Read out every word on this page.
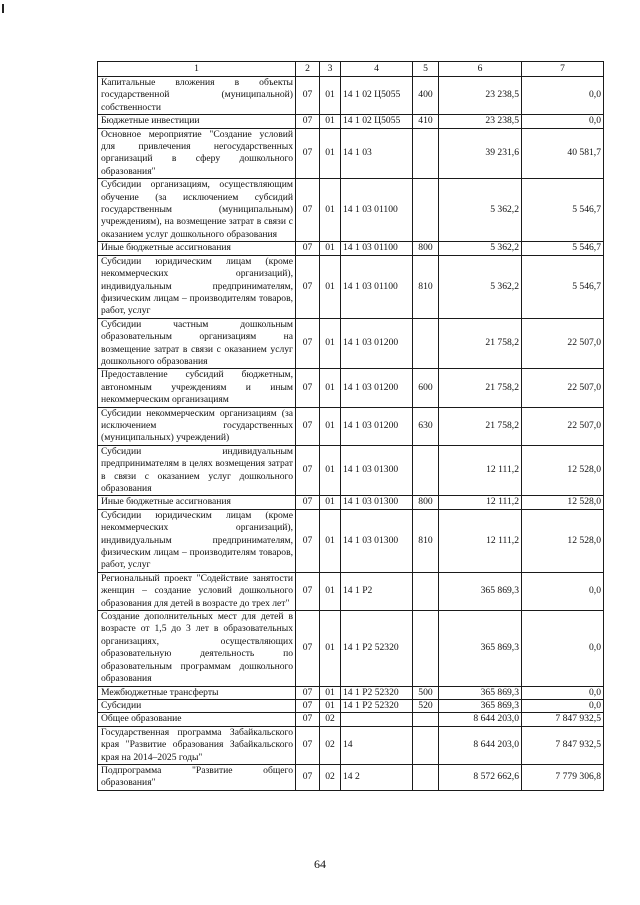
1	2	3	4	5	6	7
Капитальные вложения в объекты государственной (муниципальной) собственности	07	01	14 1 02 Ц5055	400	23 238,5	0,0
Бюджетные инвестиции	07	01	14 1 02 Ц5055	410	23 238,5	0,0
Основное мероприятие "Создание условий для привлечения негосударственных организаций в сферу дошкольного образования"	07	01	14 1 03		39 231,6	40 581,7
Субсидии организациям, осуществляющим обучение (за исключением субсидий государственным (муниципальным) учреждениям), на возмещение затрат в связи с оказанием услуг дошкольного образования	07	01	14 1 03 01100		5 362,2	5 546,7
Иные бюджетные ассигнования	07	01	14 1 03 01100	800	5 362,2	5 546,7
Субсидии юридическим лицам (кроме некоммерческих организаций), индивидуальным предпринимателям, физическим лицам – производителям товаров, работ, услуг	07	01	14 1 03 01100	810	5 362,2	5 546,7
Субсидии частным дошкольным образовательным организациям на возмещение затрат в связи с оказанием услуг дошкольного образования	07	01	14 1 03 01200		21 758,2	22 507,0
Предоставление субсидий бюджетным, автономным учреждениям и иным некоммерческим организациям	07	01	14 1 03 01200	600	21 758,2	22 507,0
Субсидии некоммерческим организациям (за исключением государственных (муниципальных) учреждений)	07	01	14 1 03 01200	630	21 758,2	22 507,0
Субсидии индивидуальным предпринимателям в целях возмещения затрат в связи с оказанием услуг дошкольного образования	07	01	14 1 03 01300		12 111,2	12 528,0
Иные бюджетные ассигнования	07	01	14 1 03 01300	800	12 111,2	12 528,0
Субсидии юридическим лицам (кроме некоммерческих организаций), индивидуальным предпринимателям, физическим лицам – производителям товаров, работ, услуг	07	01	14 1 03 01300	810	12 111,2	12 528,0
Региональный проект "Содействие занятости женщин – создание условий дошкольного образования для детей в возрасте до трех лет"	07	01	14 1 P2		365 869,3	0,0
Создание дополнительных мест для детей в возрасте от 1,5 до 3 лет в образовательных организациях, осуществляющих образовательную деятельность по образовательным программам дошкольного образования	07	01	14 1 P2 52320		365 869,3	0,0
Межбюджетные трансферты	07	01	14 1 P2 52320	500	365 869,3	0,0
Субсидии	07	01	14 1 P2 52320	520	365 869,3	0,0
Общее образование	07	02			8 644 203,0	7 847 932,5
Государственная программа Забайкальского края "Развитие образования Забайкальского края на 2014–2025 годы"	07	02	14		8 644 203,0	7 847 932,5
Подпрограмма "Развитие общего образования"	07	02	14 2		8 572 662,6	7 779 306,8
64
